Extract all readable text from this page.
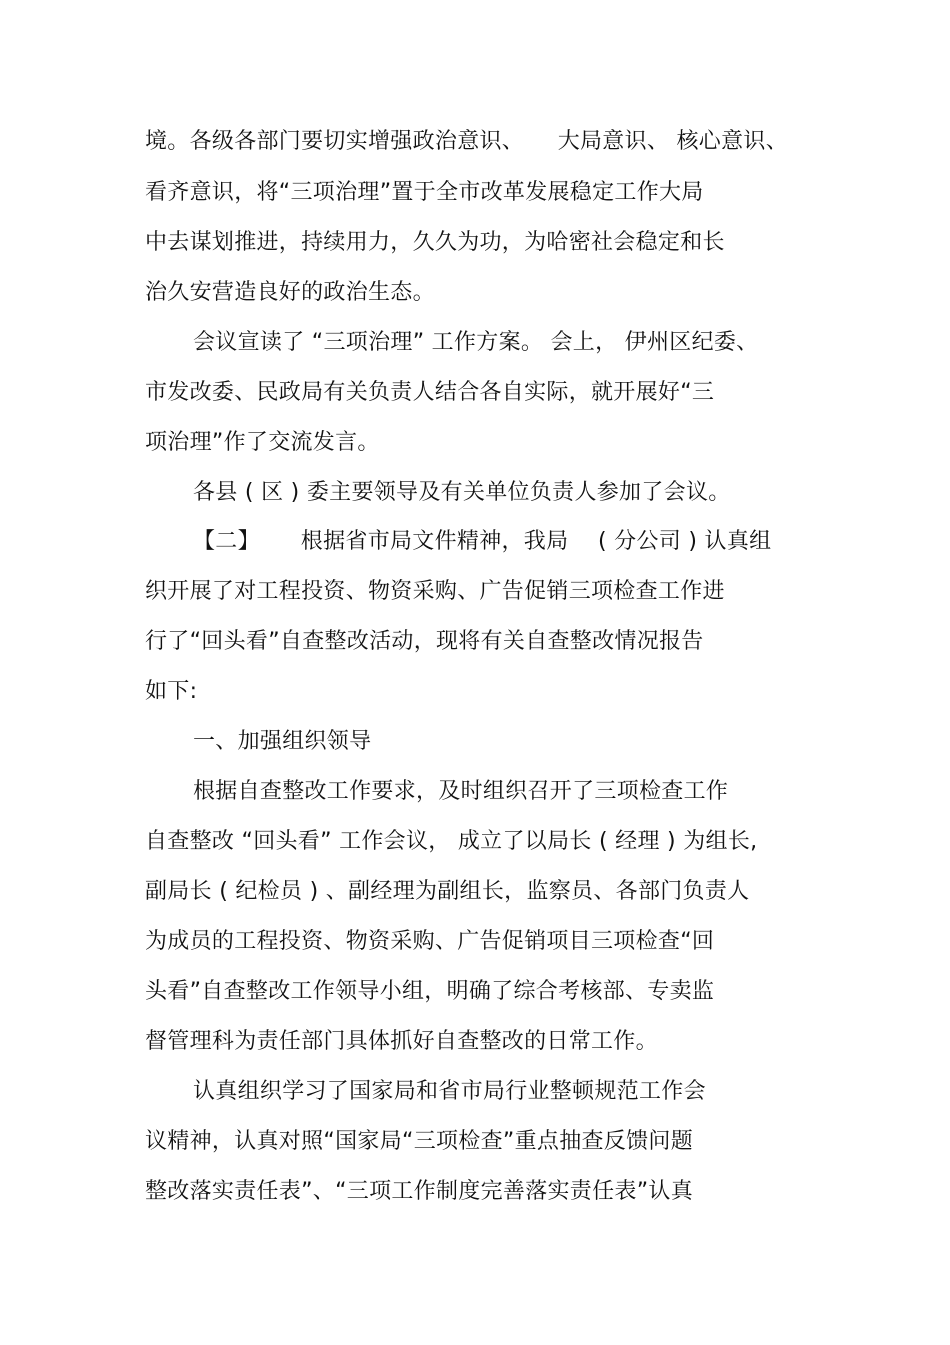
境。各级各部门要切实增强政治意识、　　大局意识、 核心意识、
看齐意识，将“三项治理”置于全市改革发展稳定工作大局
中去谋划推进，持续用力，久久为功，为哈密社会稳定和长
治久安营造良好的政治生态。
会议宣读了 “三项治理” 工作方案。 会上， 伊州区纪委、
市发改委、民政局有关负责人结合各自实际，就开展好“三
项治理”作了交流发言。
各县 ( 区 ) 委主要领导及有关单位负责人参加了会议。
【二】　　 根据省市局文件精神，我局　 ( 分公司 ) 认真组
织开展了对工程投资、物资采购、广告促销三项检查工作进
行了“回头看”自查整改活动，现将有关自查整改情况报告
如下:
一、加强组织领导
根据自查整改工作要求，及时组织召开了三项检查工作
自查整改 “回头看” 工作会议， 成立了以局长 ( 经理 ) 为组长,
副局长 ( 纪检员 ) 、副经理为副组长，监察员、各部门负责人
为成员的工程投资、物资采购、广告促销项目三项检查“回
头看”自查整改工作领导小组，明确了综合考核部、专卖监
督管理科为责任部门具体抓好自查整改的日常工作。
认真组织学习了国家局和省市局行业整顿规范工作会
议精神，认真对照“国家局“三项检查”重点抽查反馈问题
整改落实责任表”、“三项工作制度完善落实责任表”认真
